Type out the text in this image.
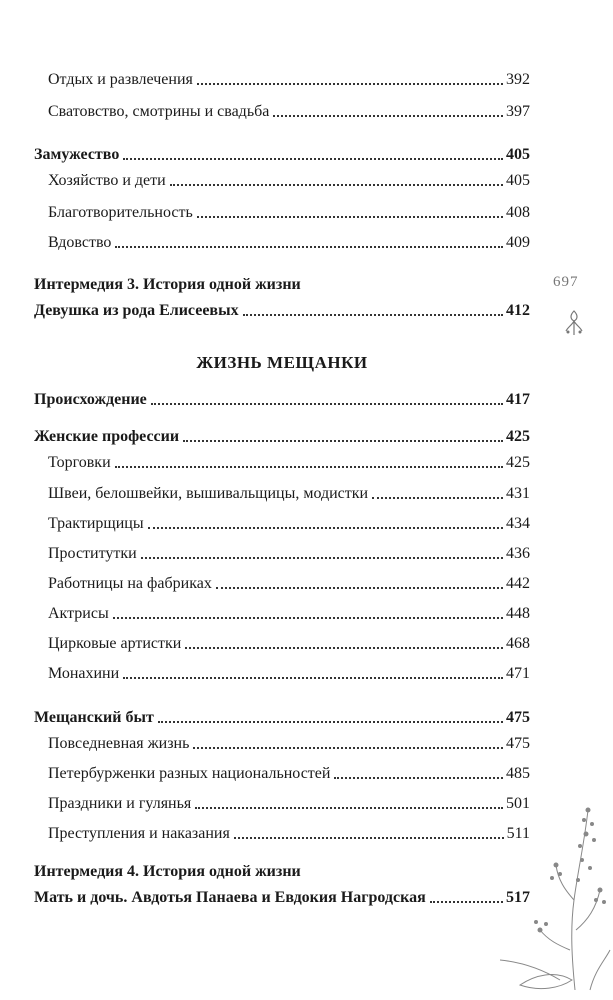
Отдых и развлечения	392
Сватовство, смотрины и свадьба	397
Замужество	405
Хозяйство и дети	405
Благотворительность	408
Вдовство	409
Интермедия 3. История одной жизни
Девушка из рода Елисеевых	412
ЖИЗНЬ МЕЩАНКИ
Происхождение	417
Женские профессии	425
Торговки	425
Швеи, белошвейки, вышивальщицы, модистки	431
Трактирщицы	434
Проститутки	436
Работницы на фабриках	442
Актрисы	448
Цирковые артистки	468
Монахини	471
Мещанский быт	475
Повседневная жизнь	475
Петербурженки разных национальностей	485
Праздники и гулянья	501
Преступления и наказания	511
Интермедия 4. История одной жизни
Мать и дочь. Авдотья Панаева и Евдокия Нагродская	517
697
